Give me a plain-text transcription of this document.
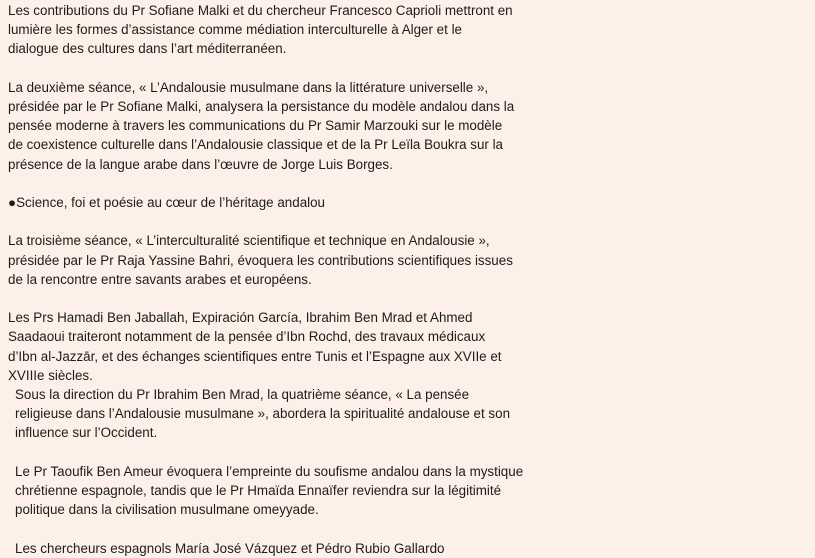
Les contributions du Pr Sofiane Malki et du chercheur Francesco Caprioli mettront en
lumière les formes d’assistance comme médiation interculturelle à Alger et le
dialogue des cultures dans l’art méditerranéen.

La deuxième séance, « L’Andalousie musulmane dans la littérature universelle »,
présidée par le Pr Sofiane Malki, analysera la persistance du modèle andalou dans la
pensée moderne à travers les communications du Pr Samir Marzouki sur le modèle
de coexistence culturelle dans l’Andalousie classique et de la Pr Leïla Boukra sur la
présence de la langue arabe dans l’œuvre de Jorge Luis Borges.

●Science, foi et poésie au cœur de l’héritage andalou

La troisième séance, « L’interculturalité scientifique et technique en Andalousie »,
présidée par le Pr Raja Yassine Bahri, évoquera les contributions scientifiques issues
de la rencontre entre savants arabes et européens.

Les Prs Hamadi Ben Jaballah, Expiración García, Ibrahim Ben Mrad et Ahmed
Saadaoui traiteront notamment de la pensée d’Ibn Rochd, des travaux médicaux
d’Ibn al-Jazzār, et des échanges scientifiques entre Tunis et l’Espagne aux XVIIe et
XVIIIe siècles.

Sous la direction du Pr Ibrahim Ben Mrad, la quatrième séance, « La pensée
religieuse dans l’Andalousie musulmane », abordera la spiritualité andalouse et son
influence sur l’Occident.

Le Pr Taoufik Ben Ameur évoquera l’empreinte du soufisme andalou dans la mystique
chrétienne espagnole, tandis que le Pr Hmaïda Ennaïfer reviendra sur la légitimité
politique dans la civilisation musulmane omeyyade.

Les chercheurs espagnols María José Vázquez et Pédro Rubio Gallardo
